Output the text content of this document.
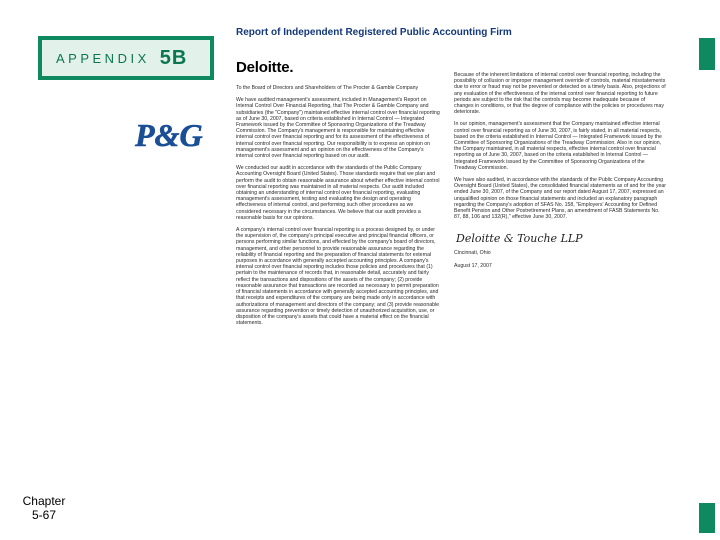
APPENDIX 5B
P&G
Chapter
5-67
Report of Independent Registered Public Accounting Firm
Deloitte.

To the Board of Directors and Shareholders of The Procter & Gamble Company

We have audited management's assessment, included in Management's Report on Internal Control Over Financial Reporting, that The Procter & Gamble Company and subsidiaries (the "Company") maintained effective internal control over financial reporting as of June 30, 2007, based on criteria established in Internal Control — Integrated Framework issued by the Committee of Sponsoring Organizations of the Treadway Commission. The Company's management is responsible for maintaining effective internal control over financial reporting and for its assessment of the effectiveness of internal control over financial reporting. Our responsibility is to express an opinion on management's assessment and an opinion on the effectiveness of the Company's internal control over financial reporting based on our audit.

We conducted our audit in accordance with the standards of the Public Company Accounting Oversight Board (United States). Those standards require that we plan and perform the audit to obtain reasonable assurance about whether effective internal control over financial reporting was maintained in all material respects. Our audit included obtaining an understanding of internal control over financial reporting, evaluating management's assessment, testing and evaluating the design and operating effectiveness of internal control, and performing such other procedures as we considered necessary in the circumstances. We believe that our audit provides a reasonable basis for our opinions.

A company's internal control over financial reporting is a process designed by, or under the supervision of, the company's principal executive and principal financial officers, or persons performing similar functions, and effected by the company's board of directors, management, and other personnel to provide reasonable assurance regarding the reliability of financial reporting and the preparation of financial statements for external purposes in accordance with generally accepted accounting principles. A company's internal control over financial reporting includes those policies and procedures that (1) pertain to the maintenance of records that, in reasonable detail, accurately and fairly reflect the transactions and dispositions of the assets of the company; (2) provide reasonable assurance that transactions are recorded as necessary to permit preparation of financial statements in accordance with generally accepted accounting principles, and that receipts and expenditures of the company are being made only in accordance with authorizations of management and directors of the company; and (3) provide reasonable assurance regarding prevention or timely detection of unauthorized acquisition, use, or disposition of the company's assets that could have a material effect on the financial statements.

Because of the inherent limitations of internal control over financial reporting, including the possibility of collusion or improper management override of controls, material misstatements due to error or fraud may not be prevented or detected on a timely basis. Also, projections of any evaluation of the effectiveness of the internal control over financial reporting to future periods are subject to the risk that the controls may become inadequate because of changes in conditions, or that the degree of compliance with the policies or procedures may deteriorate.

In our opinion, management's assessment that the Company maintained effective internal control over financial reporting as of June 30, 2007, is fairly stated, in all material respects, based on the criteria established in Internal Control — Integrated Framework issued by the Committee of Sponsoring Organizations of the Treadway Commission. Also in our opinion, the Company maintained, in all material respects, effective internal control over financial reporting as of June 30, 2007, based on the criteria established in Internal Control — Integrated Framework issued by the Committee of Sponsoring Organizations of the Treadway Commission.

We have also audited, in accordance with the standards of the Public Company Accounting Oversight Board (United States), the consolidated financial statements as of and for the year ended June 30, 2007, of the Company and our report dated August 17, 2007, expressed an unqualified opinion on those financial statements and included an explanatory paragraph regarding the Company's adoption of SFAS No. 158, "Employers' Accounting for Defined Benefit Pension and Other Postretirement Plans, an amendment of FASB Statements No. 87, 88, 106 and 132(R)," effective June 30, 2007.

Deloitte & Touche LLP

Cincinnati, Ohio

August 17, 2007
